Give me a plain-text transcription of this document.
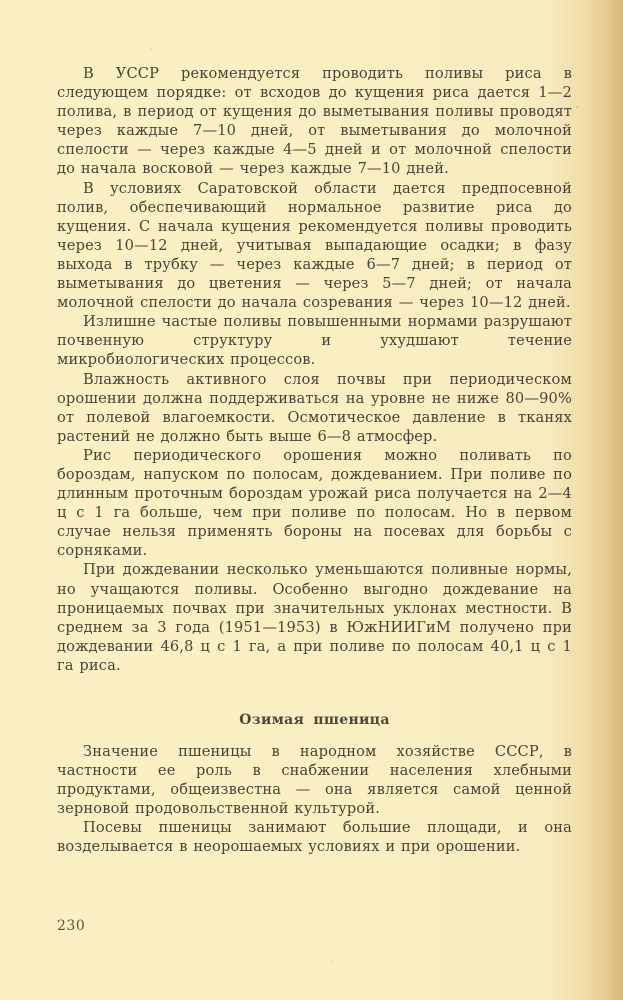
В УССР рекомендуется проводить поливы риса в следующем порядке: от всходов до кущения риса дается 1—2 полива, в период от кущения до выметывания поливы проводят через каждые 7—10 дней, от выметывания до молочной спелости — через каждые 4—5 дней и от молочной спелости до начала восковой — через каждые 7—10 дней.

В условиях Саратовской области дается предпосевной полив, обеспечивающий нормальное развитие риса до кущения. С начала кущения рекомендуется поливы проводить через 10—12 дней, учитывая выпадающие осадки; в фазу выхода в трубку — через каждые 6—7 дней; в период от выметывания до цветения — через 5—7 дней; от начала молочной спелости до начала созревания — через 10—12 дней.

Излишне частые поливы повышенными нормами разрушают почвенную структуру и ухудшают течение микробиологических процессов.

Влажность активного слоя почвы при периодическом орошении должна поддерживаться на уровне не ниже 80—90% от полевой влагоемкости. Осмотическое давление в тканях растений не должно быть выше 6—8 атмосфер.

Рис периодического орошения можно поливать по бороздам, напуском по полосам, дождеванием. При поливе по длинным проточным бороздам урожай риса получается на 2—4 ц с 1 га больше, чем при поливе по полосам. Но в первом случае нельзя применять бороны на посевах для борьбы с сорняками.

При дождевании несколько уменьшаются поливные нормы, но учащаются поливы. Особенно выгодно дождевание на проницаемых почвах при значительных уклонах местности. В среднем за 3 года (1951—1953) в ЮжНИИГиМ получено при дождевании 46,8 ц с 1 га, а при поливе по полосам 40,1 ц с 1 га риса.

Озимая пшеница

Значение пшеницы в народном хозяйстве СССР, в частности ее роль в снабжении населения хлебными продуктами, общеизвестна — она является самой ценной зерновой продовольственной культурой.

Посевы пшеницы занимают большие площади, и она возделывается в неорошаемых условиях и при орошении.

230
